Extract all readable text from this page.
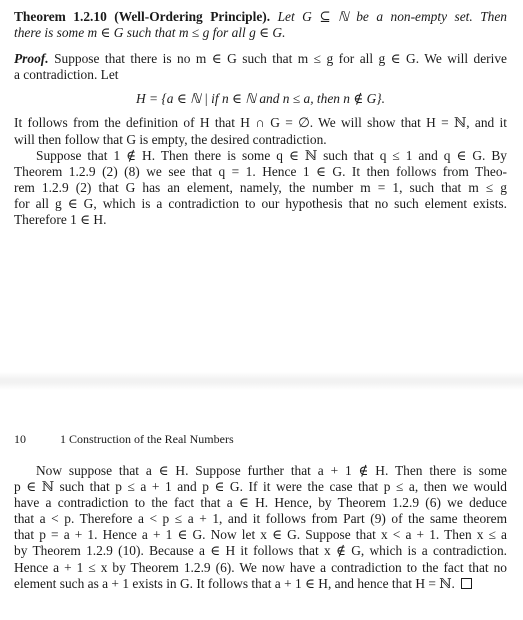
Theorem 1.2.10 (Well-Ordering Principle). Let G ⊆ ℕ be a non-empty set. Then
there is some m ∈ G such that m ≤ g for all g ∈ G.
Proof. Suppose that there is no m ∈ G such that m ≤ g for all g ∈ G. We will derive
a contradiction. Let
H = {a ∈ ℕ | if n ∈ ℕ and n ≤ a, then n ∉ G}.
It follows from the definition of H that H ∩ G = ∅. We will show that H = ℕ, and it
will then follow that G is empty, the desired contradiction.
Suppose that 1 ∉ H. Then there is some q ∈ ℕ such that q ≤ 1 and q ∈ G. By
Theorem 1.2.9 (2) (8) we see that q = 1. Hence 1 ∈ G. It then follows from Theo-
rem 1.2.9 (2) that G has an element, namely, the number m = 1, such that m ≤ g
for all g ∈ G, which is a contradiction to our hypothesis that no such element exists.
Therefore 1 ∈ H.
10	1 Construction of the Real Numbers
Now suppose that a ∈ H. Suppose further that a + 1 ∉ H. Then there is some
p ∈ ℕ such that p ≤ a + 1 and p ∈ G. If it were the case that p ≤ a, then we would
have a contradiction to the fact that a ∈ H. Hence, by Theorem 1.2.9 (6) we deduce
that a < p. Therefore a < p ≤ a + 1, and it follows from Part (9) of the same theorem
that p = a + 1. Hence a + 1 ∈ G. Now let x ∈ G. Suppose that x < a + 1. Then x ≤ a
by Theorem 1.2.9 (10). Because a ∈ H it follows that x ∉ G, which is a contradiction.
Hence a + 1 ≤ x by Theorem 1.2.9 (6). We now have a contradiction to the fact that no
element such as a + 1 exists in G. It follows that a + 1 ∈ H, and hence that H = ℕ.
